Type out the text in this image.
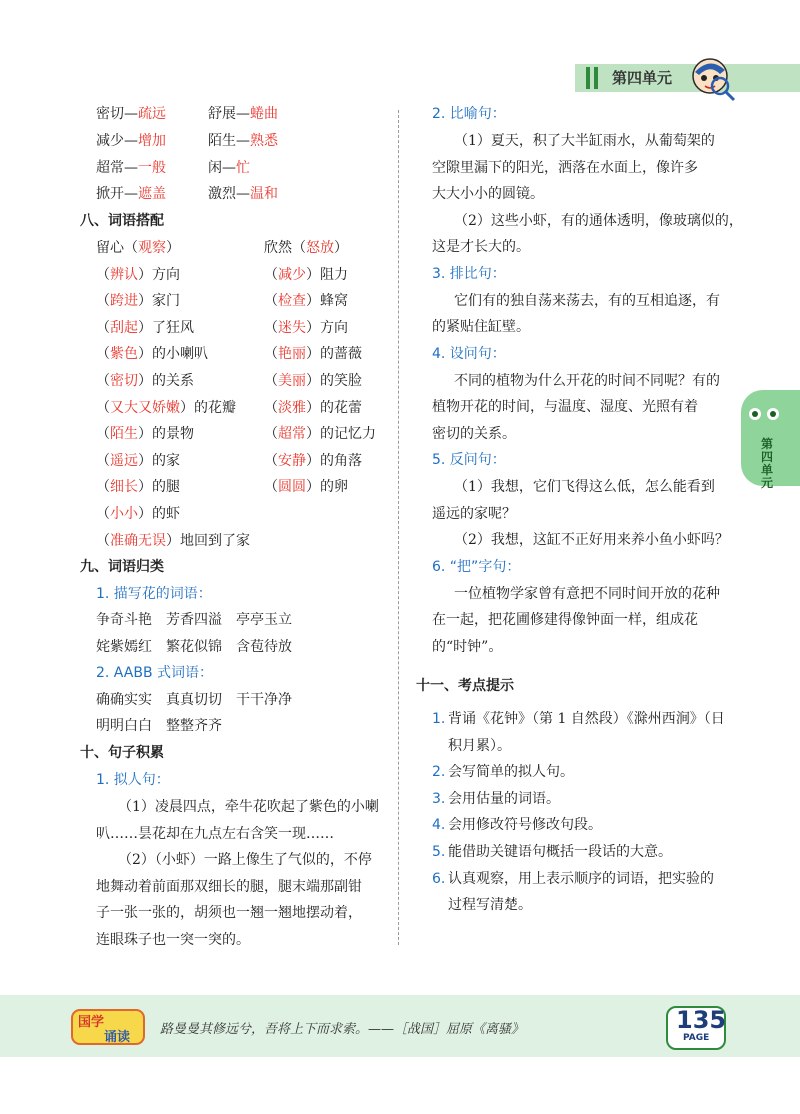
第四单元
密切—疏远	舒展—蜷曲
减少—增加	陌生—熟悉
超常—一般	闲—忙
掀开—遮盖	激烈—温和
八、词语搭配
留心（观察）	欣然（怒放）
（辨认）方向	（减少）阻力
（跨进）家门	（检查）蜂窝
（刮起）了狂风	（迷失）方向
（紫色）的小喇叭	（艳丽）的蔷薇
（密切）的关系	（美丽）的笑脸
（又大又娇嫩）的花瓣 （淡雅）的花蕾
（陌生）的景物	（超常）的记忆力
（遥远）的家	（安静）的角落
（细长）的腿	（圆圆）的卵
（小小）的虾
（准确无误）地回到了家
九、词语归类
1. 描写花的词语：
争奇斗艳　芳香四溢　亭亭玉立
姹紫嫣红　繁花似锦　含苞待放
2. AABB 式词语：
确确实实　真真切切　干干净净
明明白白　整整齐齐
十、句子积累
1. 拟人句：
（1）凌晨四点，牵牛花吹起了紫色的小喇
叭……昙花却在九点左右含笑一现……
（2）（小虾）一路上像生了气似的，不停
地舞动着前面那双细长的腿，腿末端那副钳
子一张一张的，胡须也一翘一翘地摆动着，
连眼珠子也一突一突的。
2. 比喻句：
（1）夏天，积了大半缸雨水，从葡萄架的
空隙里漏下的阳光，洒落在水面上，像许多
大大小小的圆镜。
（2）这些小虾，有的通体透明，像玻璃似的，
这是才长大的。
3. 排比句：
它们有的独自荡来荡去，有的互相追逐，有
的紧贴住缸壁。
4. 设问句：
不同的植物为什么开花的时间不同呢？有的
植物开花的时间，与温度、湿度、光照有着
密切的关系。
5. 反问句：
（1）我想，它们飞得这么低，怎么能看到
遥远的家呢？
（2）我想，这缸不正好用来养小鱼小虾吗？
6. “把”字句：
一位植物学家曾有意把不同时间开放的花种
在一起，把花圃修建得像钟面一样，组成花
的“时钟”。
十一、考点提示
1. 背诵《花钟》（第 1 自然段）《滁州西涧》（日
积月累）。
2. 会写简单的拟人句。
3. 会用估量的词语。
4. 会用修改符号修改句段。
5. 能借助关键语句概括一段话的大意。
6. 认真观察，用上表示顺序的词语，把实验的
过程写清楚。
第四单元
国学
诵读
路曼曼其修远兮，吾将上下而求索。——［战国］屈原《离骚》	135
PAGE
